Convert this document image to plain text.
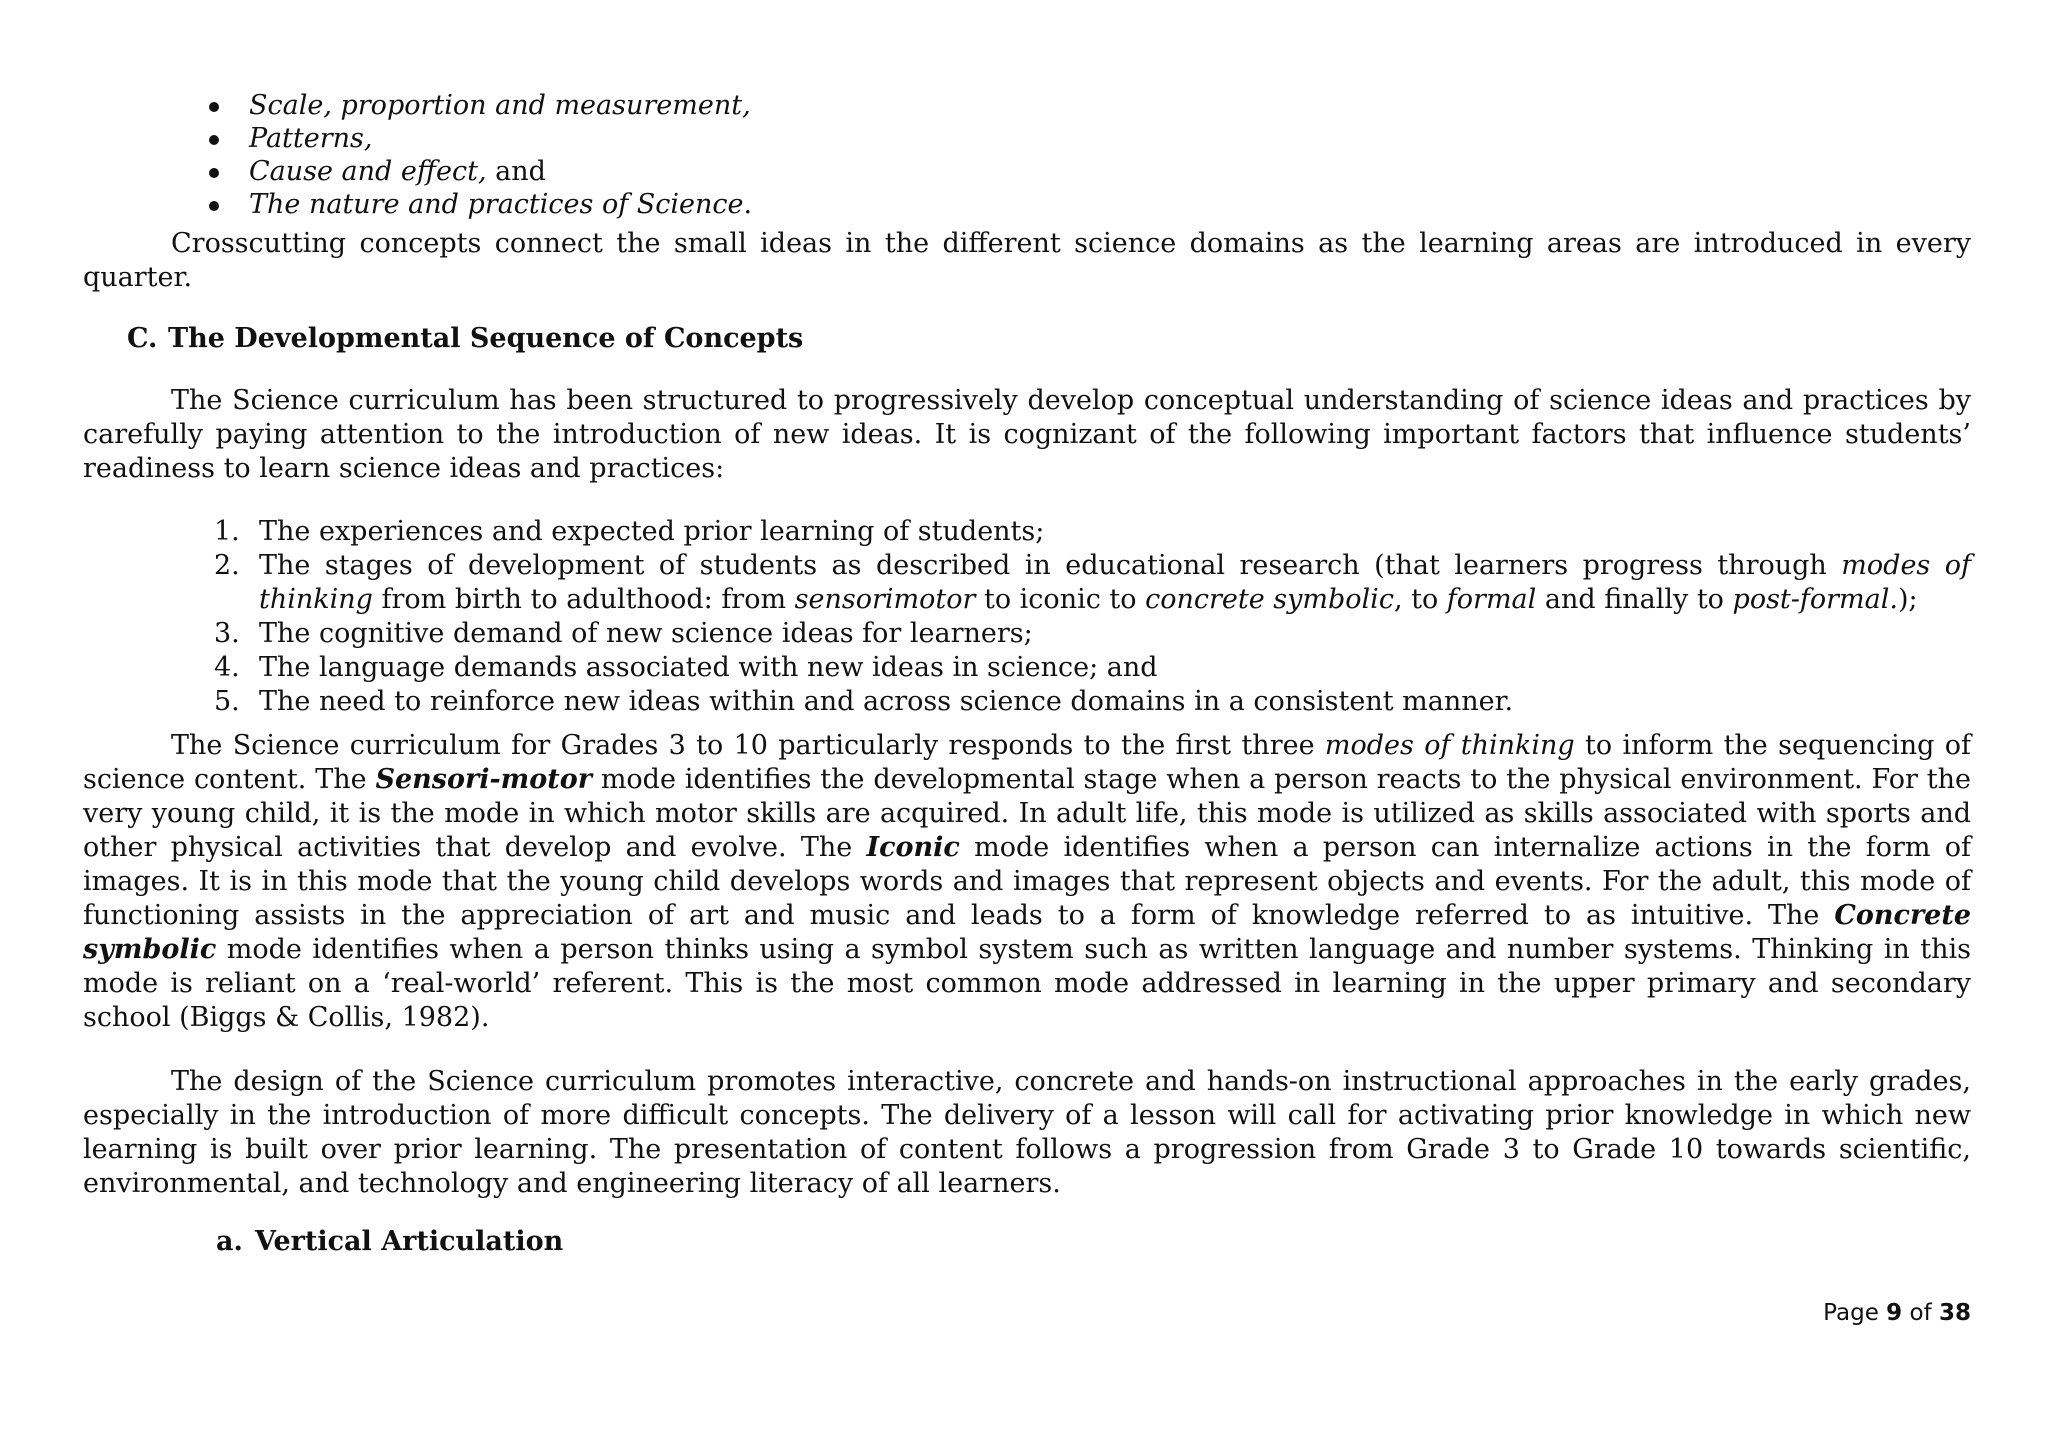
Scale, proportion and measurement,
Patterns,
Cause and effect, and
The nature and practices of Science.

Crosscutting concepts connect the small ideas in the different science domains as the learning areas are introduced in every quarter.

C. The Developmental Sequence of Concepts

The Science curriculum has been structured to progressively develop conceptual understanding of science ideas and practices by carefully paying attention to the introduction of new ideas. It is cognizant of the following important factors that influence students’ readiness to learn science ideas and practices:

1. The experiences and expected prior learning of students;
2. The stages of development of students as described in educational research (that learners progress through modes of thinking from birth to adulthood: from sensorimotor to iconic to concrete symbolic, to formal and finally to post-formal.);
3. The cognitive demand of new science ideas for learners;
4. The language demands associated with new ideas in science; and
5. The need to reinforce new ideas within and across science domains in a consistent manner.

The Science curriculum for Grades 3 to 10 particularly responds to the first three modes of thinking to inform the sequencing of science content. The Sensori-motor mode identifies the developmental stage when a person reacts to the physical environment. For the very young child, it is the mode in which motor skills are acquired. In adult life, this mode is utilized as skills associated with sports and other physical activities that develop and evolve. The Iconic mode identifies when a person can internalize actions in the form of images. It is in this mode that the young child develops words and images that represent objects and events. For the adult, this mode of functioning assists in the appreciation of art and music and leads to a form of knowledge referred to as intuitive. The Concrete symbolic mode identifies when a person thinks using a symbol system such as written language and number systems. Thinking in this mode is reliant on a ‘real-world’ referent. This is the most common mode addressed in learning in the upper primary and secondary school (Biggs & Collis, 1982).

The design of the Science curriculum promotes interactive, concrete and hands-on instructional approaches in the early grades, especially in the introduction of more difficult concepts. The delivery of a lesson will call for activating prior knowledge in which new learning is built over prior learning. The presentation of content follows a progression from Grade 3 to Grade 10 towards scientific, environmental, and technology and engineering literacy of all learners.

a. Vertical Articulation
Page 9 of 38
